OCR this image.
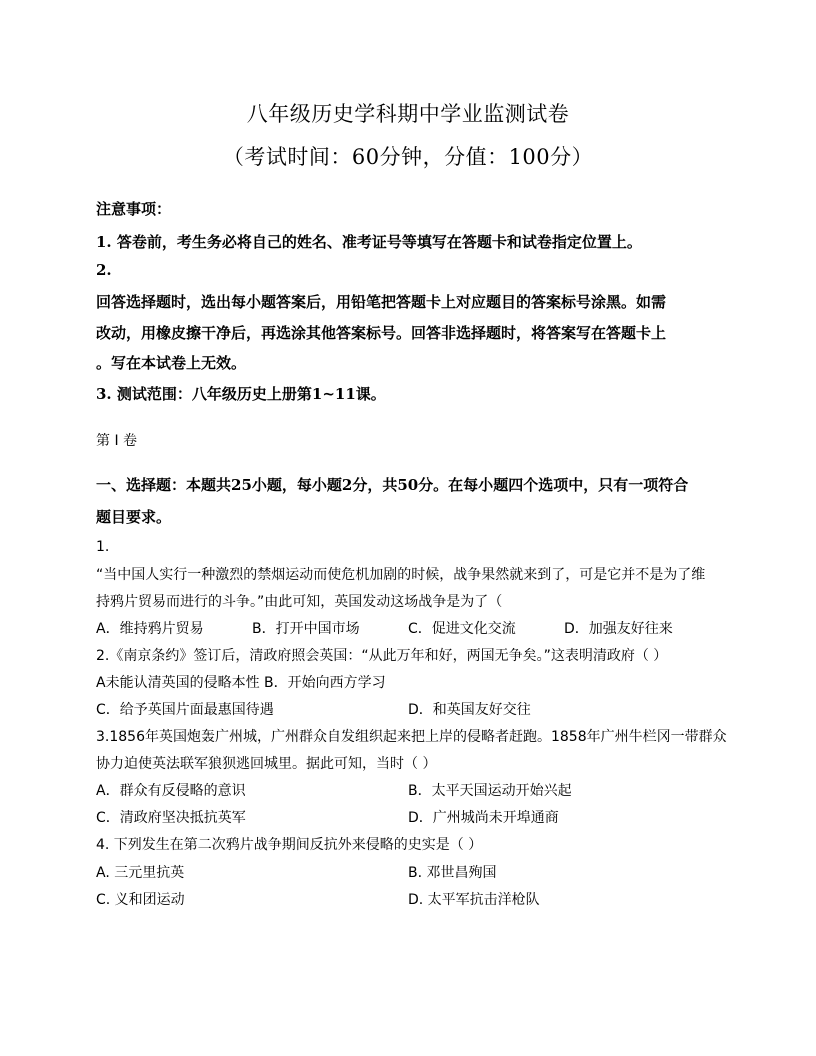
八年级历史学科期中学业监测试卷
（考试时间：60分钟，分值：100分）
注意事项：
1. 答卷前，考生务必将自己的姓名、准考证号等填写在答题卡和试卷指定位置上。
2.
回答选择题时，选出每小题答案后，用铅笔把答题卡上对应题目的答案标号涂黑。如需
改动，用橡皮擦干净后，再选涂其他答案标号。回答非选择题时，将答案写在答题卡上
。写在本试卷上无效。
3. 测试范围：八年级历史上册第1~11课。
第 I 卷
一、选择题：本题共25小题，每小题2分，共50分。在每小题四个选项中，只有一项符合
题目要求。
1.
“当中国人实行一种激烈的禁烟运动而使危机加剧的时候，战争果然就来到了，可是它并不是为了维
持鸦片贸易而进行的斗争。”由此可知，英国发动这场战争是为了（
A．维持鸦片贸易	B．打开中国市场	C．促进文化交流	D．加强友好往来
2.《南京条约》签订后，清政府照会英国：“从此万年和好，两国无争矣。”这表明清政府（ ）
A未能认清英国的侵略本性 B．开始向西方学习
C．给予英国片面最惠国待遇	D．和英国友好交往
3.1856年英国炮轰广州城，广州群众自发组织起来把上岸的侵略者赶跑。1858年广州牛栏冈一带群众
协力迫使英法联军狼狈逃回城里。据此可知，当时（ ）
A．群众有反侵略的意识	B．太平天国运动开始兴起
C．清政府坚决抵抗英军	D．广州城尚未开埠通商
4. 下列发生在第二次鸦片战争期间反抗外来侵略的史实是（ ）
A. 三元里抗英	B. 邓世昌殉国
C. 义和团运动	D. 太平军抗击洋枪队
